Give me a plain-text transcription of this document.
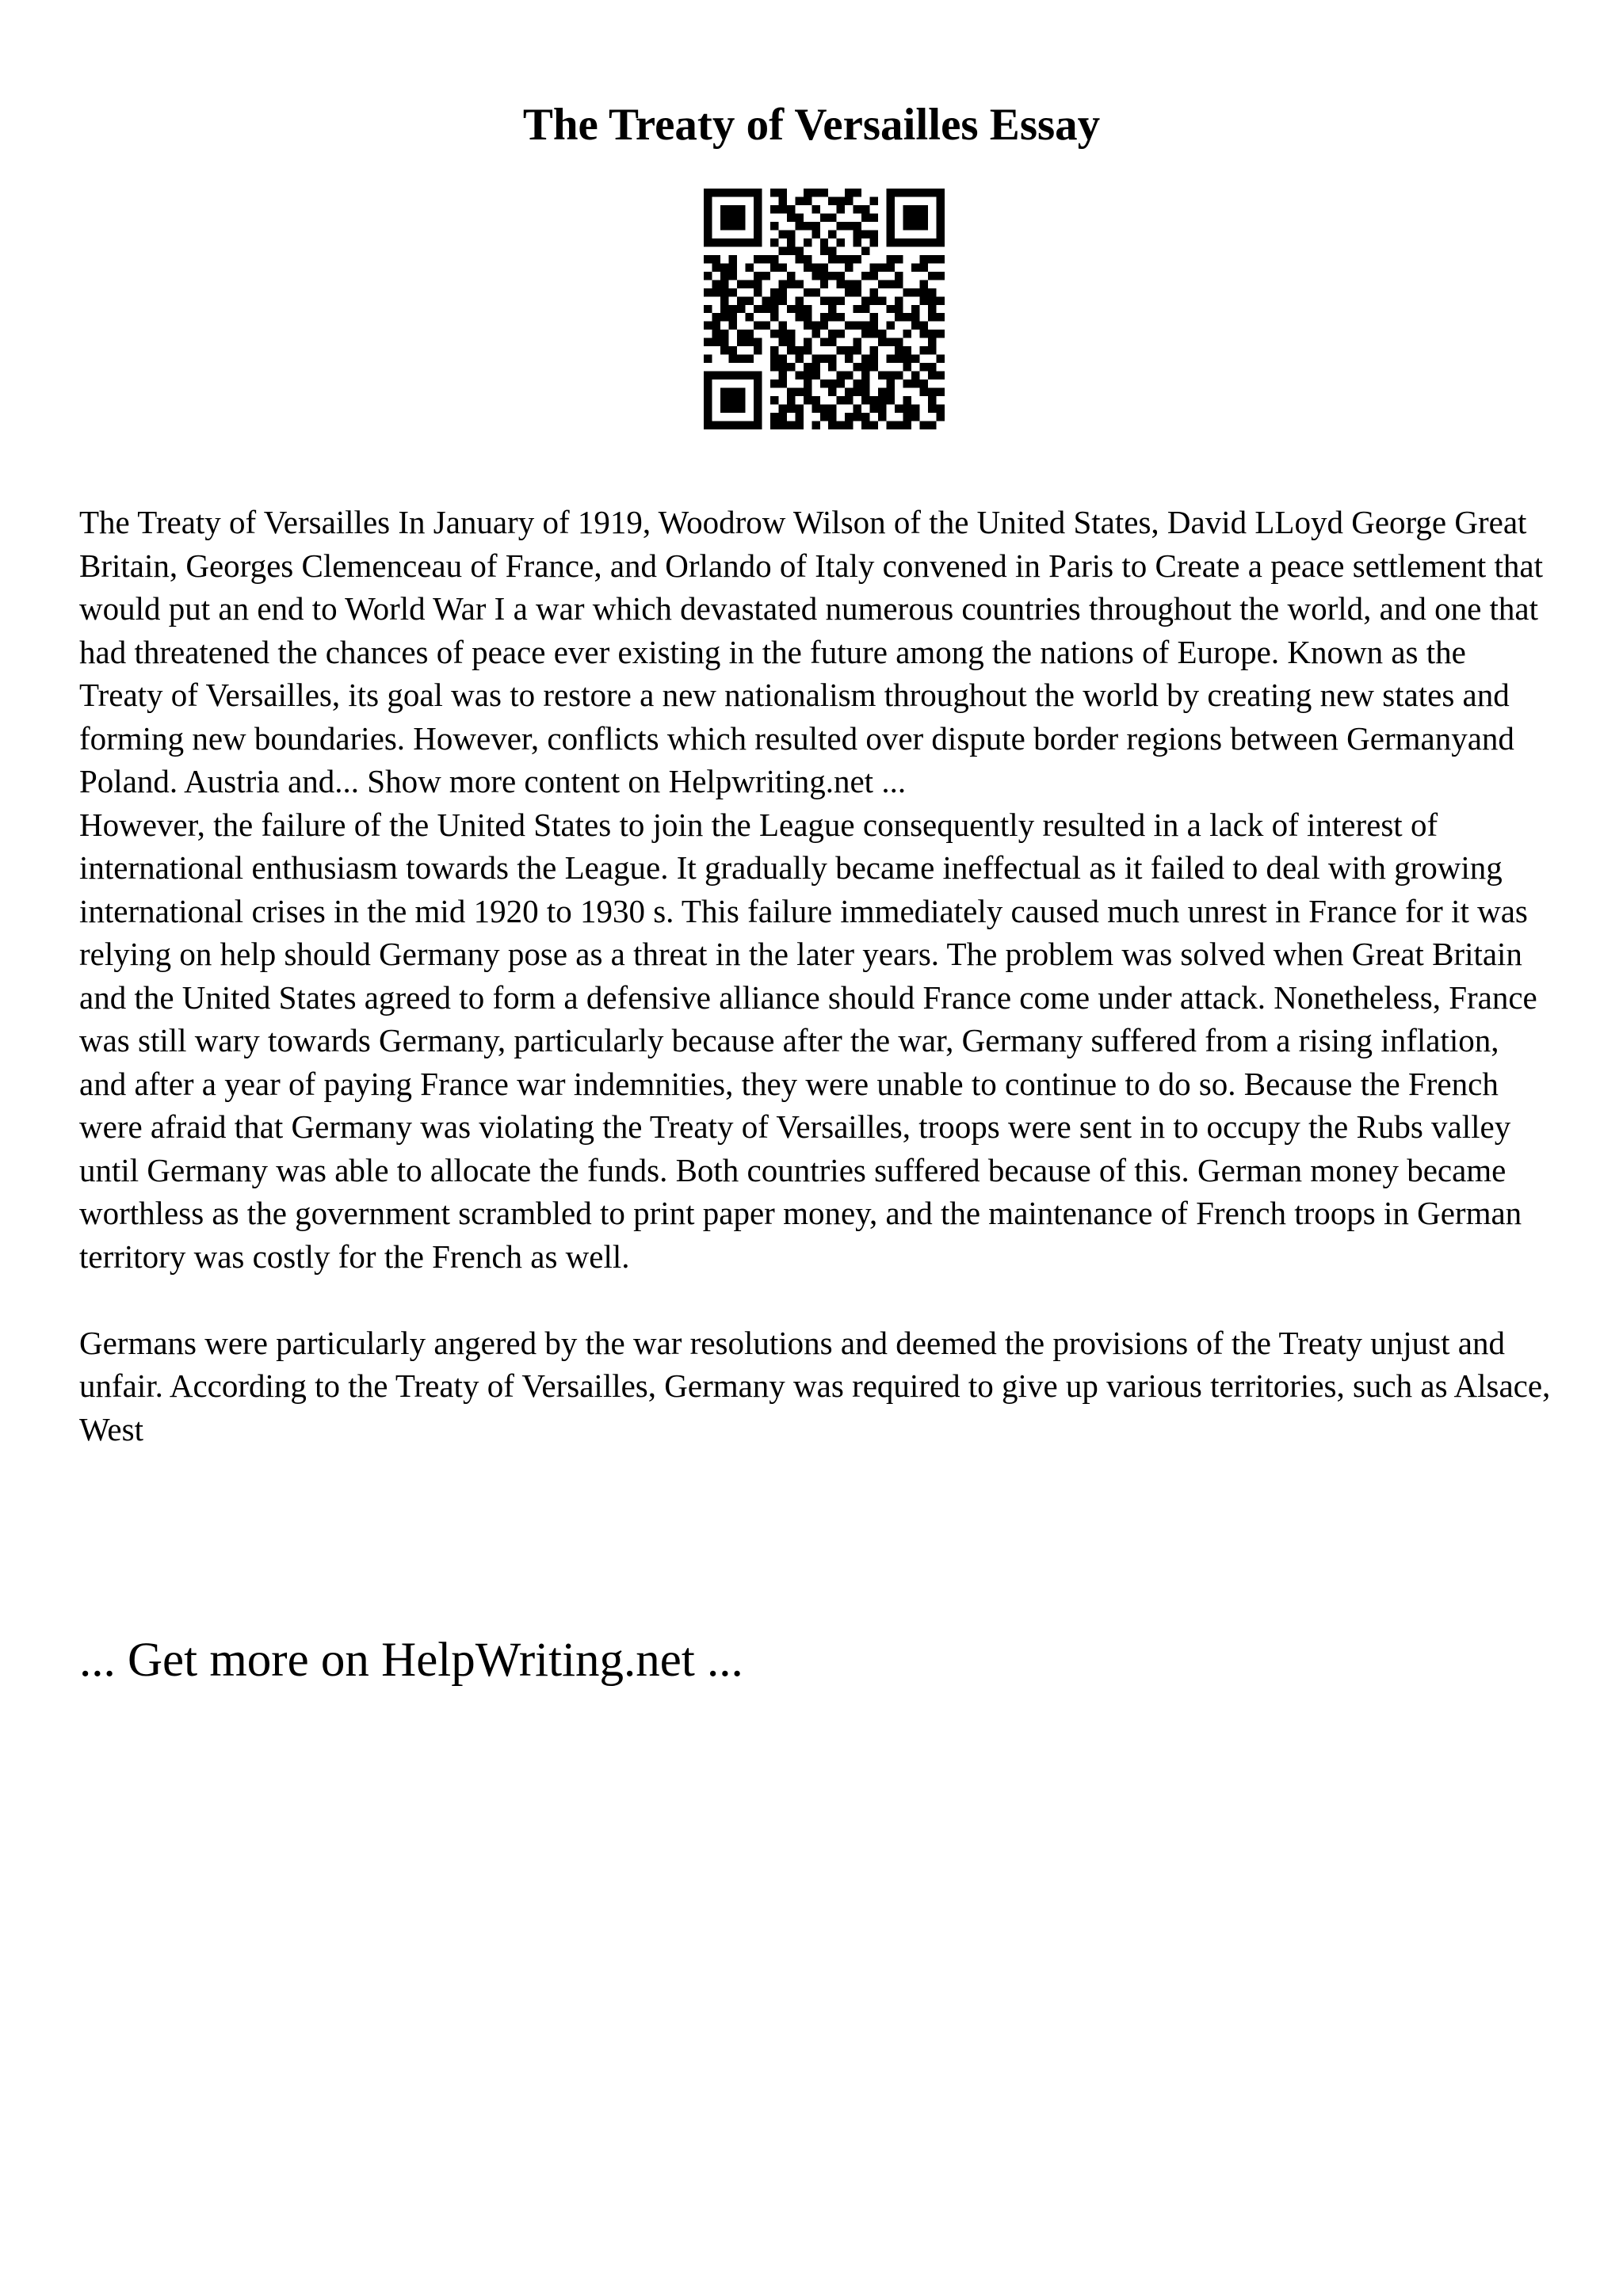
The Treaty of Versailles Essay

The Treaty of Versailles In January of 1919, Woodrow Wilson of the United States, David LLoyd George Great Britain, Georges Clemenceau of France, and Orlando of Italy convened in Paris to Create a peace settlement that would put an end to World War I a war which devastated numerous countries throughout the world, and one that had threatened the chances of peace ever existing in the future among the nations of Europe. Known as the Treaty of Versailles, its goal was to restore a new nationalism throughout the world by creating new states and forming new boundaries. However, conflicts which resulted over dispute border regions between Germanyand Poland. Austria and... Show more content on Helpwriting.net ...

However, the failure of the United States to join the League consequently resulted in a lack of interest of international enthusiasm towards the League. It gradually became ineffectual as it failed to deal with growing international crises in the mid 1920 to 1930 s. This failure immediately caused much unrest in France for it was relying on help should Germany pose as a threat in the later years. The problem was solved when Great Britain and the United States agreed to form a defensive alliance should France come under attack. Nonetheless, France was still wary towards Germany, particularly because after the war, Germany suffered from a rising inflation, and after a year of paying France war indemnities, they were unable to continue to do so. Because the French were afraid that Germany was violating the Treaty of Versailles, troops were sent in to occupy the Rubs valley until Germany was able to allocate the funds. Both countries suffered because of this. German money became worthless as the government scrambled to print paper money, and the maintenance of French troops in German territory was costly for the French as well.

Germans were particularly angered by the war resolutions and deemed the provisions of the Treaty unjust and unfair. According to the Treaty of Versailles, Germany was required to give up various territories, such as Alsace, West

... Get more on HelpWriting.net ...
